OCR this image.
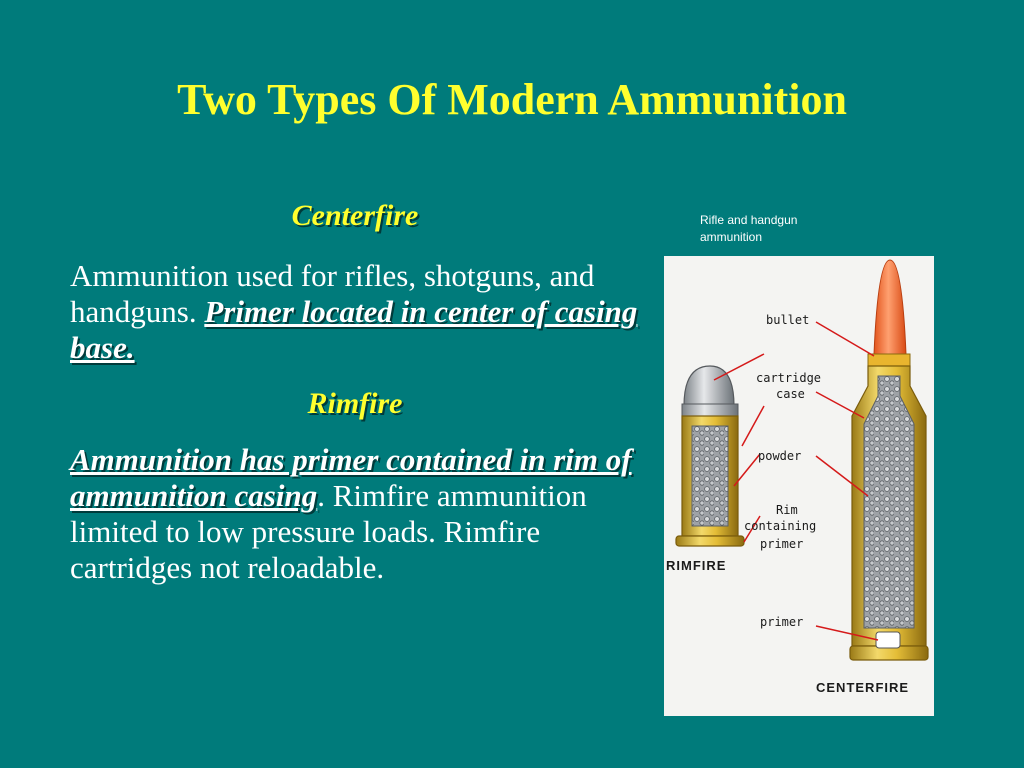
Two Types Of Modern Ammunition
Centerfire

Ammunition used for rifles, shotguns, and handguns. Primer located in center of casing base.

Rimfire

Ammunition has primer contained in rim of ammunition casing. Rimfire ammunition limited to low pressure loads. Rimfire cartridges not reloadable.

Rifle and handgun ammunition
bullet
cartridge
case
powder
Rim
containing
primer
primer
RIMFIRE
CENTERFIRE
